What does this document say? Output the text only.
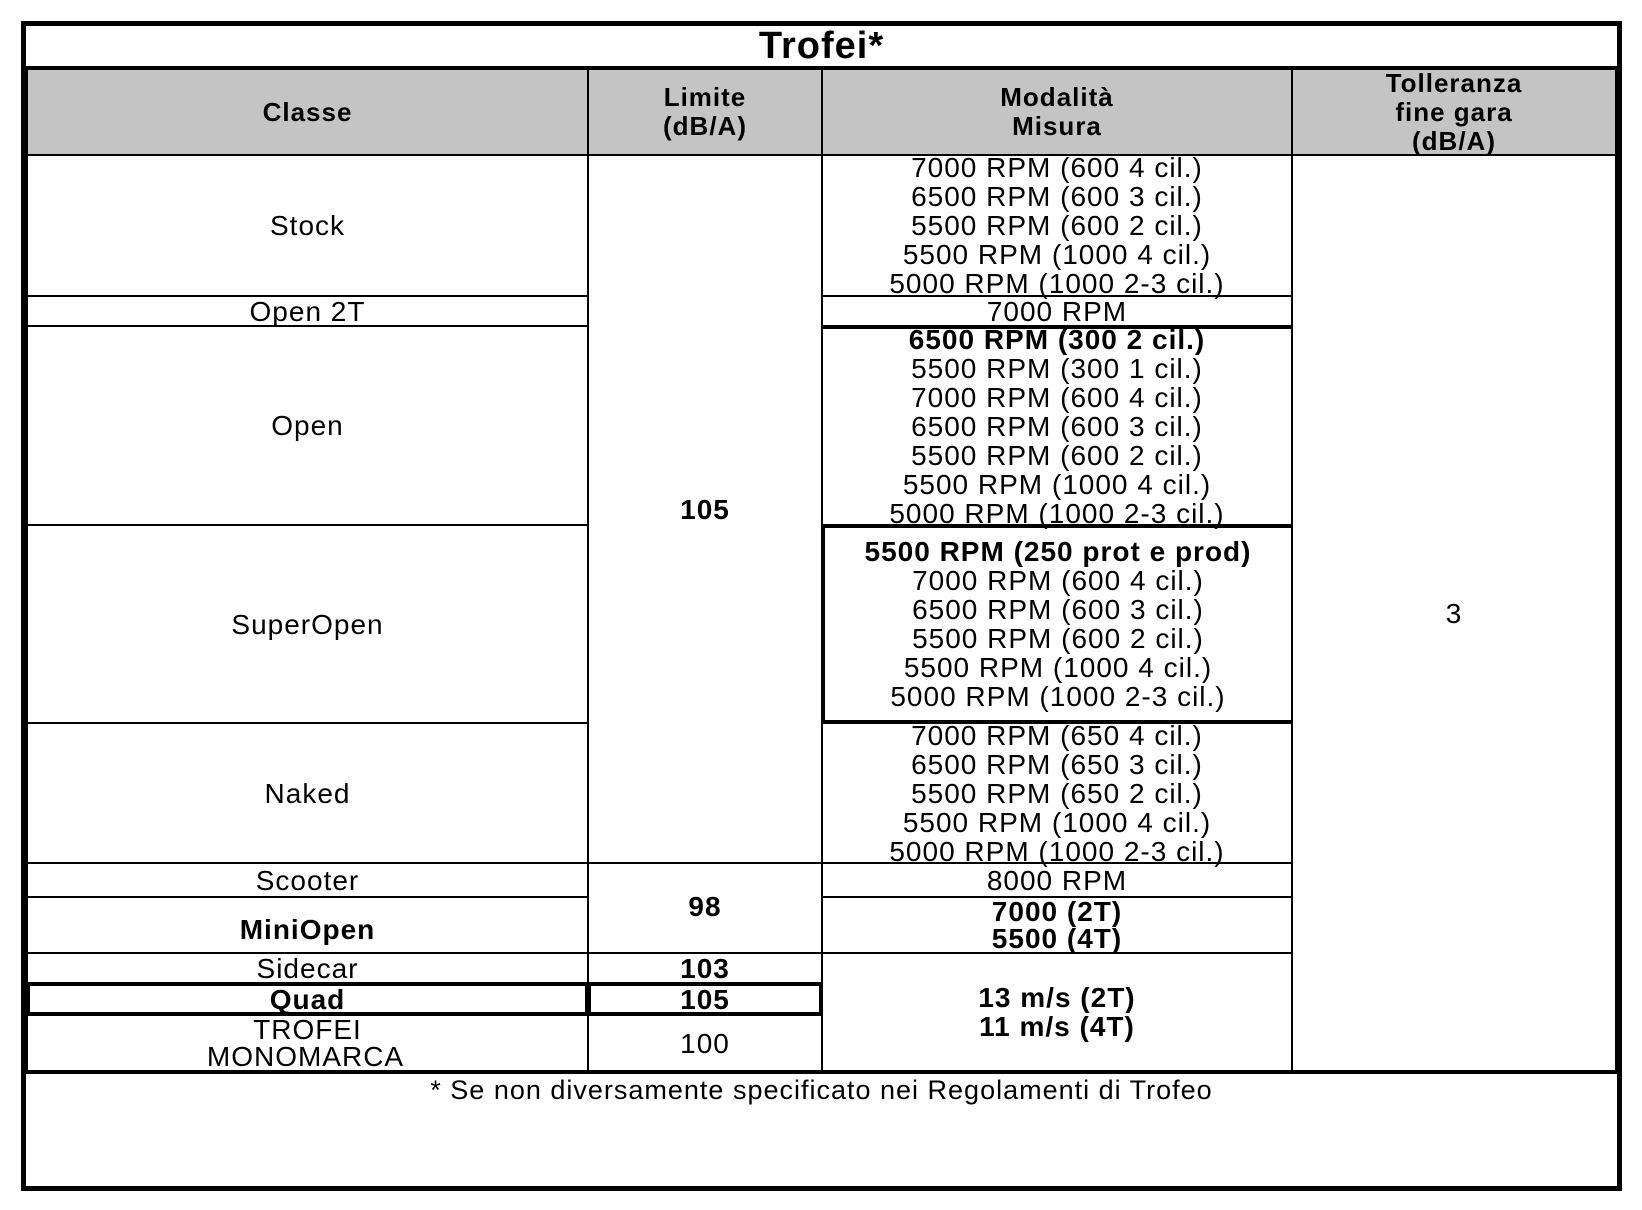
Trofei*
Classe	Limite
(dB/A)
Modalità
Misura
Tolleranza
fine gara
(dB/A)
Stock
Open 2T
Open
SuperOpen
Naked
Scooter
MiniOpen
Sidecar
Quad
TROFEI
MONOMARCA
105
98
103
105
100
7000 RPM (600 4 cil.)
6500 RPM (600 3 cil.)
5500 RPM (600 2 cil.)
5500 RPM (1000 4 cil.)
5000 RPM (1000 2-3 cil.)
7000 RPM
6500 RPM (300 2 cil.)
5500 RPM (300 1 cil.)
7000 RPM (600 4 cil.)
6500 RPM (600 3 cil.)
5500 RPM (600 2 cil.)
5500 RPM (1000 4 cil.)
5000 RPM (1000 2-3 cil.)
5500 RPM (250 prot e prod)
7000 RPM (600 4 cil.)
6500 RPM (600 3 cil.)
5500 RPM (600 2 cil.)
5500 RPM (1000 4 cil.)
5000 RPM (1000 2-3 cil.)
7000 RPM (650 4 cil.)
6500 RPM (650 3 cil.)
5500 RPM (650 2 cil.)
5500 RPM (1000 4 cil.)
5000 RPM (1000 2-3 cil.)
8000 RPM
7000 (2T)
5500 (4T)
13 m/s (2T)
11 m/s (4T)
3
* Se non diversamente specificato nei Regolamenti di Trofeo
